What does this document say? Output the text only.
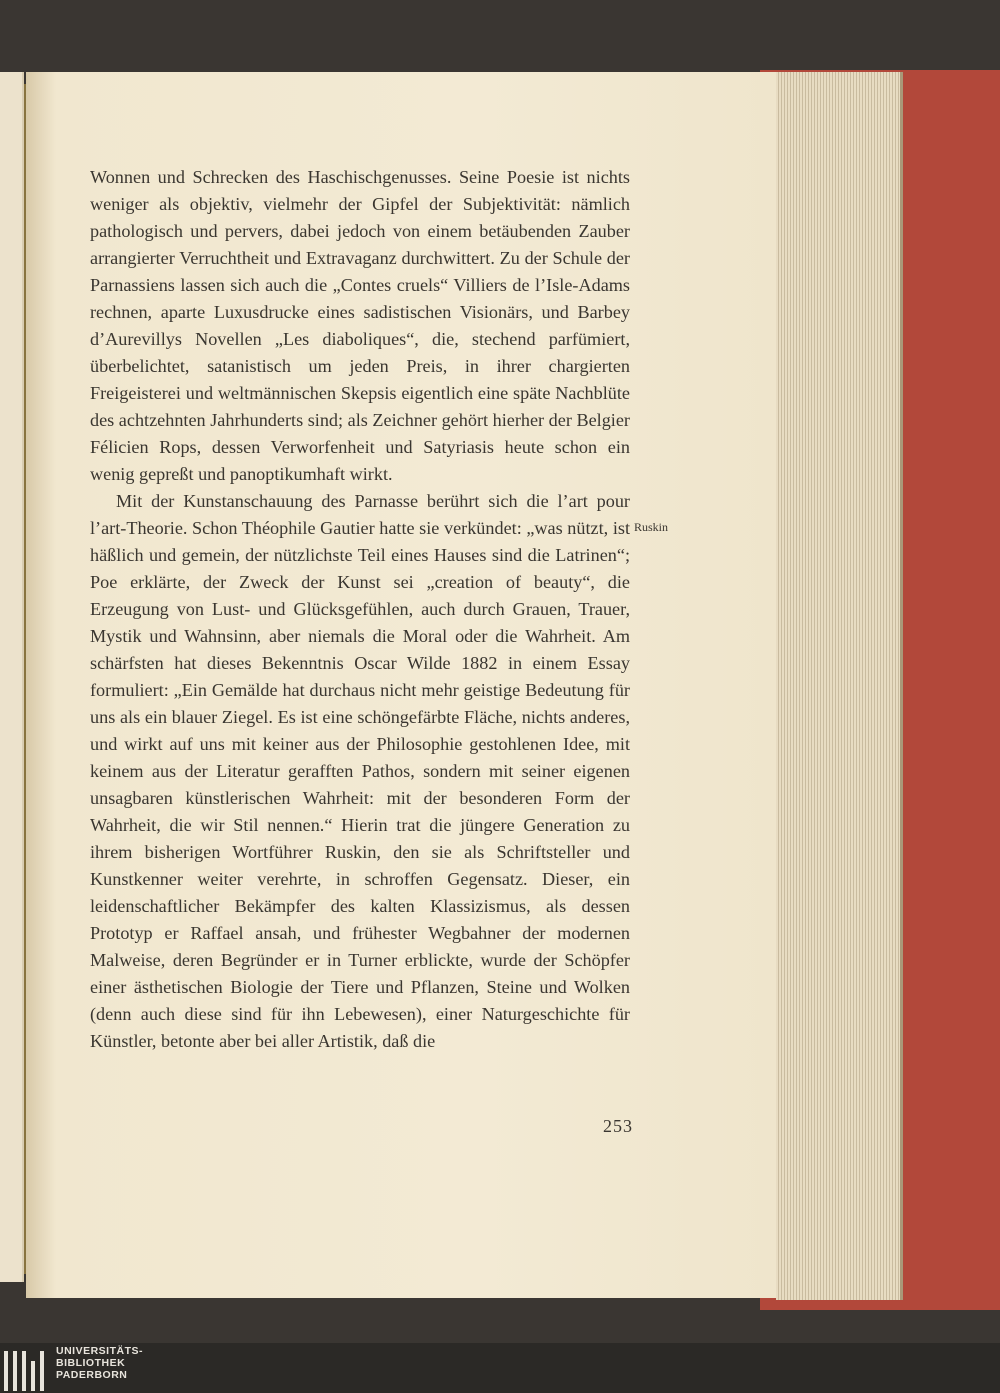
Wonnen und Schrecken des Haschischgenusses. Seine Poesie ist nichts weniger als objektiv, vielmehr der Gipfel der Subjektivität: nämlich pathologisch und pervers, dabei jedoch von einem betäubenden Zauber arrangierter Verruchtheit und Extravaganz durchwittert. Zu der Schule der Parnassiens lassen sich auch die „Contes cruels“ Villiers de l’Isle-Adams rechnen, aparte Luxusdrucke eines sadistischen Visionärs, und Barbey d’Aurevillys Novellen „Les diaboliques“, die, stechend parfümiert, überbelichtet, satanistisch um jeden Preis, in ihrer chargierten Freigeisterei und weltmännischen Skepsis eigentlich eine späte Nachblüte des achtzehnten Jahrhunderts sind; als Zeichner gehört hierher der Belgier Félicien Rops, dessen Verworfenheit und Satyriasis heute schon ein wenig gepreßt und panoptikumhaft wirkt.

Mit der Kunstanschauung des Parnasse berührt sich die l’art pour l’art-Theorie. Schon Théophile Gautier hatte sie verkündet: „was nützt, ist häßlich und gemein, der nützlichste Teil eines Hauses sind die Latrinen“; Poe erklärte, der Zweck der Kunst sei „creation of beauty“, die Erzeugung von Lust- und Glücksgefühlen, auch durch Grauen, Trauer, Mystik und Wahnsinn, aber niemals die Moral oder die Wahrheit. Am schärfsten hat dieses Bekenntnis Oscar Wilde 1882 in einem Essay formuliert: „Ein Gemälde hat durchaus nicht mehr geistige Bedeutung für uns als ein blauer Ziegel. Es ist eine schöngefärbte Fläche, nichts anderes, und wirkt auf uns mit keiner aus der Philosophie gestohlenen Idee, mit keinem aus der Literatur gerafften Pathos, sondern mit seiner eigenen unsagbaren künstlerischen Wahrheit: mit der besonderen Form der Wahrheit, die wir Stil nennen.“ Hierin trat die jüngere Generation zu ihrem bisherigen Wortführer Ruskin, den sie als Schriftsteller und Kunstkenner weiter verehrte, in schroffen Gegensatz. Dieser, ein leidenschaftlicher Bekämpfer des kalten Klassizismus, als dessen Prototyp er Raffael ansah, und frühester Wegbahner der modernen Malweise, deren Begründer er in Turner erblickte, wurde der Schöpfer einer ästhetischen Biologie der Tiere und Pflanzen, Steine und Wolken (denn auch diese sind für ihn Lebewesen), einer Naturgeschichte für Künstler, betonte aber bei aller Artistik, daß die

Ruskin
253
UNIVERSITÄTS-
BIBLIOTHEK
PADERBORN
